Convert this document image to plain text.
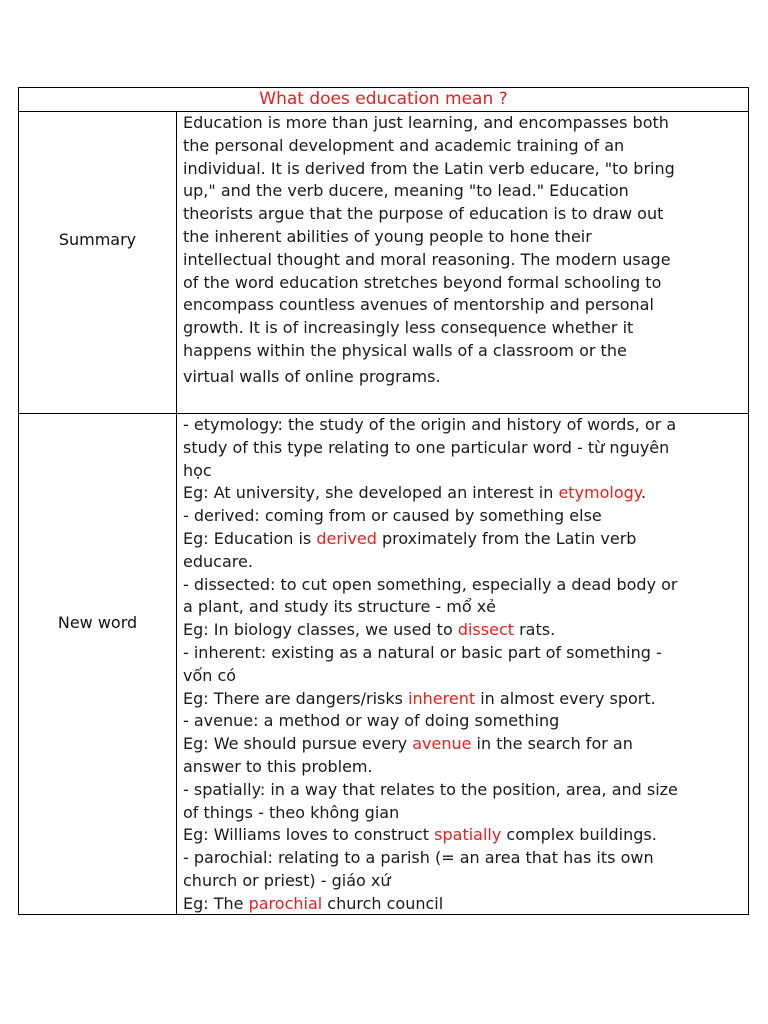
What does education mean ?
Summary
New word
Education is more than just learning, and encompasses both
the personal development and academic training of an
individual. It is derived from the Latin verb educare, "to bring
up," and the verb ducere, meaning "to lead." Education
theorists argue that the purpose of education is to draw out
the inherent abilities of young people to hone their
intellectual thought and moral reasoning. The modern usage
of the word education stretches beyond formal schooling to
encompass countless avenues of mentorship and personal
growth. It is of increasingly less consequence whether it
happens within the physical walls of a classroom or the
virtual walls of online programs.
- etymology: the study of the origin and history of words, or a
study of this type relating to one particular word - từ nguyên
học
Eg: At university, she developed an interest in etymology.
- derived: coming from or caused by something else
Eg: Education is derived proximately from the Latin verb
educare.
- dissected: to cut open something, especially a dead body or
a plant, and study its structure - mổ xẻ
Eg: In biology classes, we used to dissect rats.
- inherent: existing as a natural or basic part of something -
vốn có
Eg: There are dangers/risks inherent in almost every sport.
- avenue: a method or way of doing something
Eg: We should pursue every avenue in the search for an
answer to this problem.
- spatially: in a way that relates to the position, area, and size
of things - theo không gian
Eg: Williams loves to construct spatially complex buildings.
- parochial: relating to a parish (= an area that has its own
church or priest) - giáo xứ
Eg: The parochial church council
